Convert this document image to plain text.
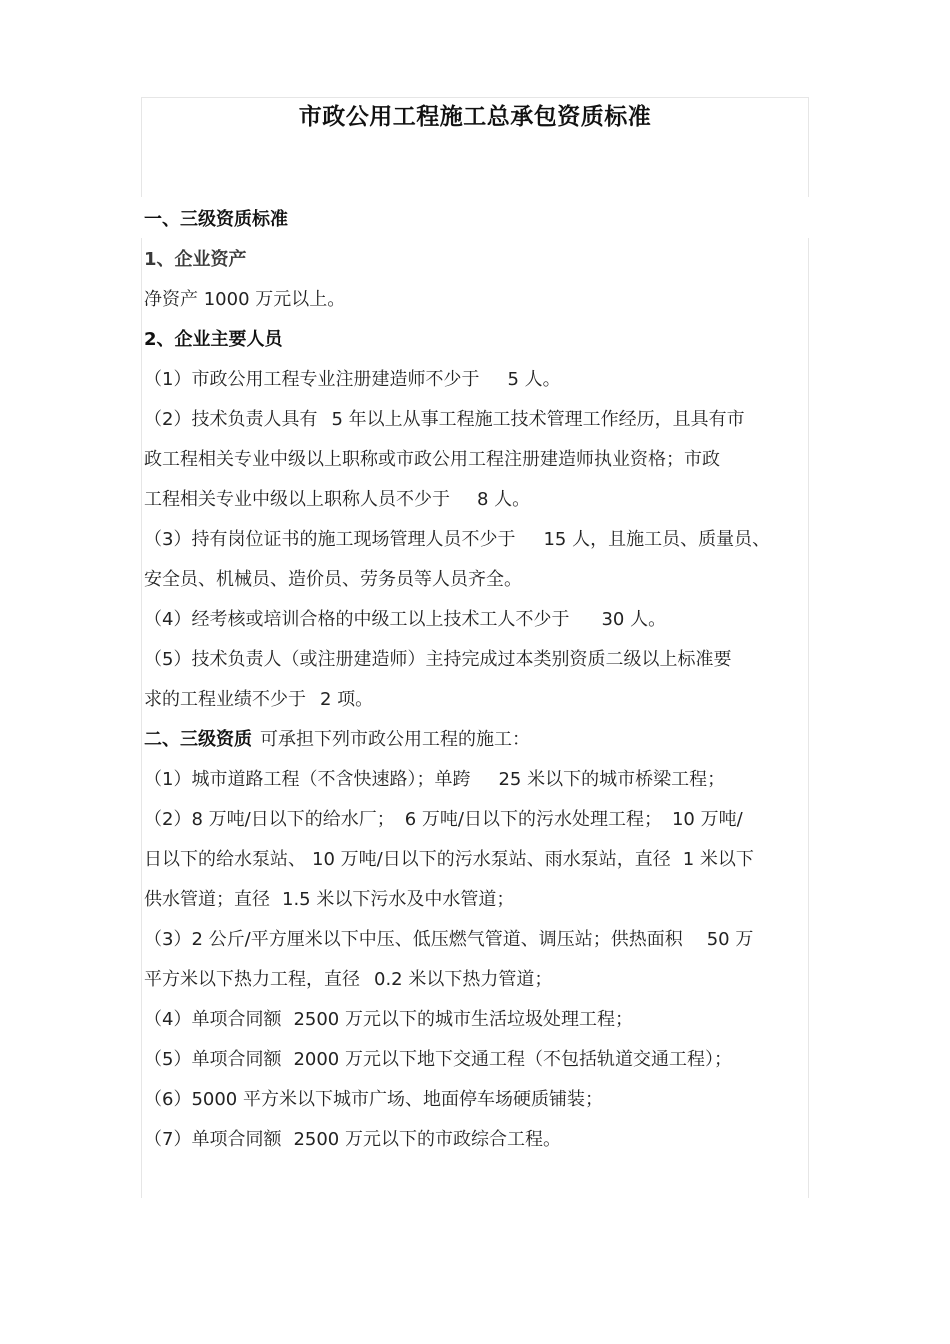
市政公用工程施工总承包资质标准
一、三级资质标准
1、企业资产
净资产 1000 万元以上。
2、企业主要人员
（1）市政公用工程专业注册建造师不少于 5 人。
（2）技术负责人具有 5 年以上从事工程施工技术管理工作经历，且具有市
政工程相关专业中级以上职称或市政公用工程注册建造师执业资格；市政
工程相关专业中级以上职称人员不少于 8 人。
（3）持有岗位证书的施工现场管理人员不少于 15 人，且施工员、质量员、
安全员、机械员、造价员、劳务员等人员齐全。
（4）经考核或培训合格的中级工以上技术工人不少于 30 人。
（5）技术负责人（或注册建造师）主持完成过本类别资质二级以上标准要
求的工程业绩不少于 2 项。
二、三级资质 可承担下列市政公用工程的施工：
（1）城市道路工程（不含快速路）；单跨 25 米以下的城市桥梁工程；
（2）8 万吨/日以下的给水厂； 6 万吨/日以下的污水处理工程； 10 万吨/
日以下的给水泵站、 10 万吨/日以下的污水泵站、雨水泵站，直径 1 米以下
供水管道；直径 1.5 米以下污水及中水管道；
（3）2 公斤/平方厘米以下中压、低压燃气管道、调压站；供热面积 50 万
平方米以下热力工程，直径 0.2 米以下热力管道；
（4）单项合同额 2500 万元以下的城市生活垃圾处理工程；
（5）单项合同额 2000 万元以下地下交通工程（不包括轨道交通工程）；
（6）5000 平方米以下城市广场、地面停车场硬质铺装；
（7）单项合同额 2500 万元以下的市政综合工程。
